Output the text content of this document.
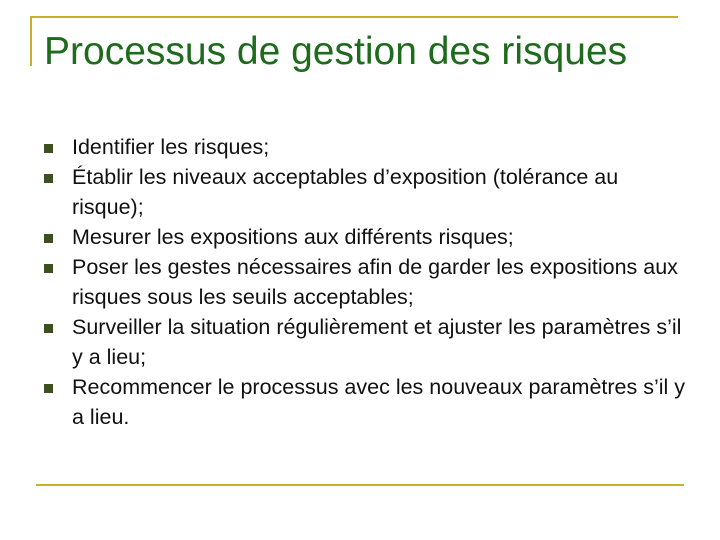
Processus de gestion des risques
Identifier les risques;
Établir les niveaux acceptables d’exposition (tolérance au risque);
Mesurer les expositions aux différents risques;
Poser les gestes nécessaires afin de garder les expositions aux risques sous les seuils acceptables;
Surveiller la situation régulièrement et ajuster les paramètres s’il y a lieu;
Recommencer le processus avec les nouveaux paramètres s’il y a lieu.
